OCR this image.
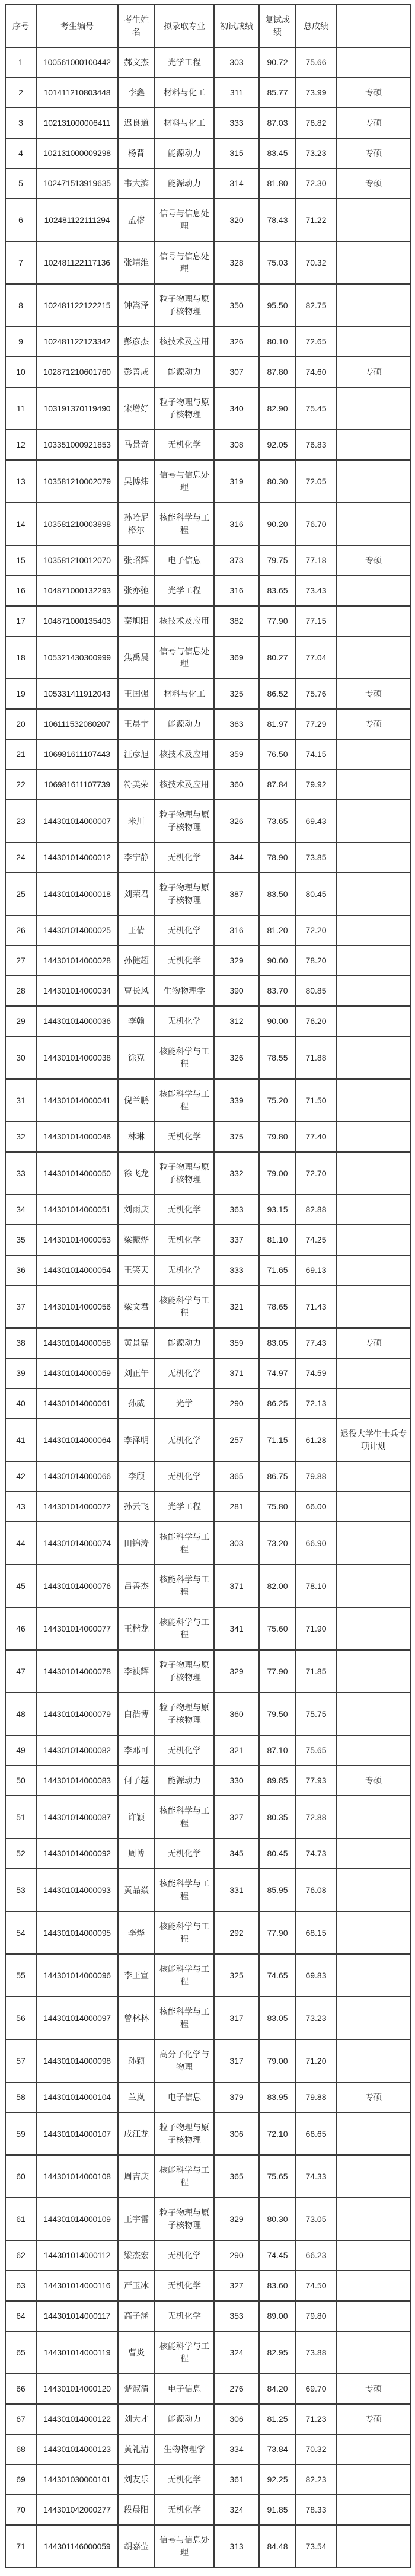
序号	考生编号	考生姓名	拟录取专业	初试成绩	复试成绩	总成绩	
1	100561000100442	郝文杰	光学工程	303	90.72	75.66	
2	101411210803448	李鑫	材料与化工	311	85.77	73.99	专硕
3	102131000006411	迟良道	材料与化工	333	87.03	76.82	专硕
4	102131000009298	杨晋	能源动力	315	83.45	73.23	专硕
5	102471513919635	韦大滨	能源动力	314	81.80	72.30	专硕
6	102481122111294	孟榕	信号与信息处理	320	78.43	71.22	
7	102481122117136	张靖维	信号与信息处理	328	75.03	70.32	
8	102481122122215	钟嵩泽	粒子物理与原子核物理	350	95.50	82.75	
9	102481122123342	彭彦杰	核技术及应用	326	80.10	72.65	
10	102871210601760	彭善成	能源动力	307	87.80	74.60	专硕
11	103191370119490	宋增好	粒子物理与原子核物理	340	82.90	75.45	
12	103351000921853	马景奇	无机化学	308	92.05	76.83	
13	103581210002079	吴博炜	信号与信息处理	319	80.30	72.05	
14	103581210003898	孙哈尼格尔	核能科学与工程	316	90.20	76.70	
15	103581210012070	张昭辉	电子信息	373	79.75	77.18	专硕
16	104871000132293	张亦弛	光学工程	316	83.65	73.43	
17	104871000135403	秦旭阳	核技术及应用	382	77.90	77.15	
18	105321430300999	焦禹晨	信号与信息处理	369	80.27	77.04	
19	105331411912043	王国强	材料与化工	325	86.52	75.76	专硕
20	106111532080207	王晨宇	能源动力	363	81.97	77.29	专硕
21	106981611107443	汪彦旭	核技术及应用	359	76.50	74.15	
22	106981611107739	符美荣	核技术及应用	360	87.84	79.92	
23	144301014000007	米川	粒子物理与原子核物理	326	73.65	69.43	
24	144301014000012	李宁静	无机化学	344	78.90	73.85	
25	144301014000018	刘荣君	粒子物理与原子核物理	387	83.50	80.45	
26	144301014000025	王倩	无机化学	316	81.20	72.20	
27	144301014000028	孙健超	无机化学	329	90.60	78.20	
28	144301014000034	曹长风	生物物理学	390	83.70	80.85	
29	144301014000036	李翰	无机化学	312	90.00	76.20	
30	144301014000038	徐克	核能科学与工程	326	78.55	71.88	
31	144301014000041	倪兰鹏	核能科学与工程	339	75.20	71.50	
32	144301014000046	林琳	无机化学	375	79.80	77.40	
33	144301014000050	徐飞龙	粒子物理与原子核物理	332	79.00	72.70	
34	144301014000051	刘雨庆	无机化学	363	93.15	82.88	
35	144301014000053	梁振烨	无机化学	337	81.10	74.25	
36	144301014000054	王笑天	无机化学	333	71.65	69.13	
37	144301014000056	梁文君	核能科学与工程	321	78.65	71.43	
38	144301014000058	黄景磊	能源动力	359	83.05	77.43	专硕
39	144301014000059	刘正午	无机化学	371	74.97	74.59	
40	144301014000061	孙威	光学	290	86.25	72.13	
41	144301014000064	李泽明	无机化学	257	71.15	61.28	退役大学生士兵专项计划
42	144301014000066	李颀	无机化学	365	86.75	79.88	
43	144301014000072	孙云飞	光学工程	281	75.80	66.00	
44	144301014000074	田锦涛	核能科学与工程	303	73.20	66.90	
45	144301014000076	吕善杰	核能科学与工程	371	82.00	78.10	
46	144301014000077	王楷龙	核能科学与工程	341	75.60	71.90	
47	144301014000078	李祯辉	粒子物理与原子核物理	329	77.90	71.85	
48	144301014000079	白浩博	粒子物理与原子核物理	360	79.50	75.75	
49	144301014000082	李邓可	无机化学	321	87.10	75.65	
50	144301014000083	何子越	能源动力	330	89.85	77.93	专硕
51	144301014000087	许颖	核能科学与工程	327	80.35	72.88	
52	144301014000092	周博	无机化学	345	80.45	74.73	
53	144301014000093	黄品焱	核能科学与工程	331	85.95	76.08	
54	144301014000095	李烨	核能科学与工程	292	77.90	68.15	
55	144301014000096	李王宣	核能科学与工程	325	74.65	69.83	
56	144301014000097	曾林林	核能科学与工程	317	83.05	73.23	
57	144301014000098	孙颖	高分子化学与物理	317	79.00	71.20	
58	144301014000104	兰岚	电子信息	379	83.95	79.88	专硕
59	144301014000107	成江龙	粒子物理与原子核物理	306	72.10	66.65	
60	144301014000108	周吉庆	核能科学与工程	365	75.65	74.33	
61	144301014000109	王宇雷	粒子物理与原子核物理	329	80.30	73.05	
62	144301014000112	梁杰宏	无机化学	290	74.45	66.23	
63	144301014000116	严玉冰	无机化学	327	83.60	74.50	
64	144301014000117	高子涵	无机化学	353	89.00	79.80	
65	144301014000119	曹炎	核能科学与工程	324	82.95	73.88	
66	144301014000120	楚淑清	电子信息	276	84.20	69.70	专硕
67	144301014000122	刘大才	能源动力	306	81.25	71.23	专硕
68	144301014000123	黄礼清	生物物理学	334	73.84	70.32	
69	144301030000101	刘友乐	无机化学	361	92.25	82.23	
70	144301042000277	段晨阳	无机化学	324	91.85	78.33	
71	144301146000059	胡嘉莹	信号与信息处理	313	84.48	73.54	
